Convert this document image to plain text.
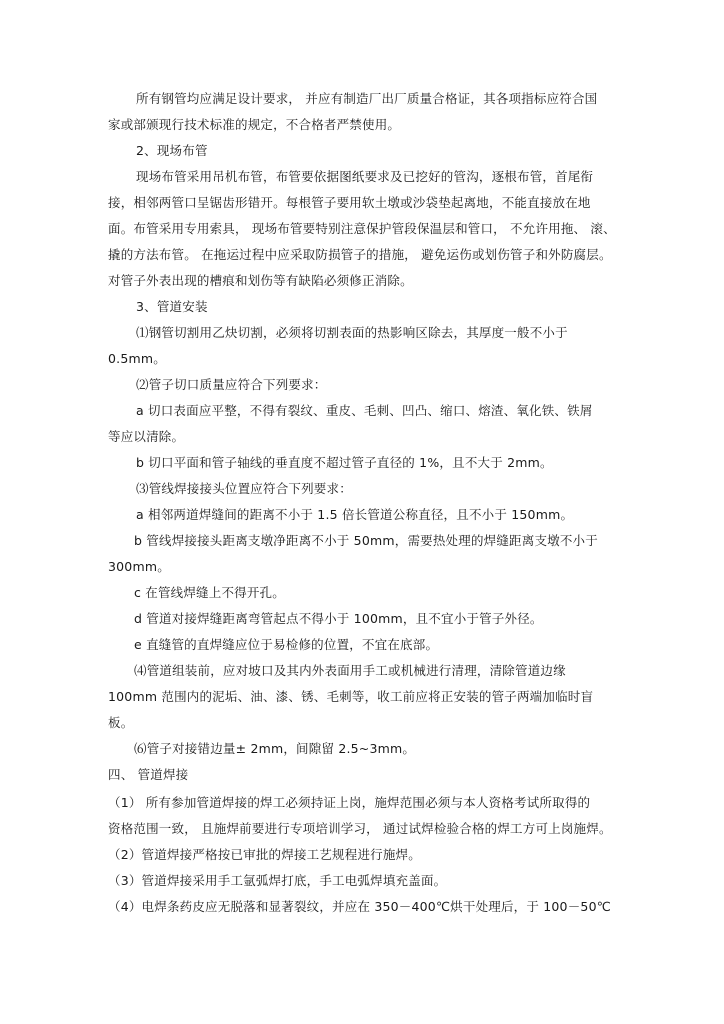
所有钢管均应满足设计要求， 并应有制造厂出厂质量合格证，其各项指标应符合国
家或部颁现行技术标准的规定，不合格者严禁使用。
2、现场布管
现场布管采用吊机布管，布管要依据图纸要求及已挖好的管沟，逐根布管，首尾衔
接，相邻两管口呈锯齿形错开。每根管子要用软土墩或沙袋垫起离地，不能直接放在地
面。布管采用专用索具， 现场布管要特别注意保护管段保温层和管口， 不允许用拖、 滚、
撬的方法布管。 在拖运过程中应采取防损管子的措施， 避免运伤或划伤管子和外防腐层。
对管子外表出现的槽痕和划伤等有缺陷必须修正消除。
3、管道安装
⑴钢管切割用乙炔切割，必须将切割表面的热影响区除去，其厚度一般不小于
0.5mm。
⑵管子切口质量应符合下列要求：
a 切口表面应平整，不得有裂纹、重皮、毛刺、凹凸、缩口、熔渣、氧化铁、铁屑
等应以清除。
b 切口平面和管子轴线的垂直度不超过管子直径的 1%，且不大于 2mm。
⑶管线焊接接头位置应符合下列要求：
a 相邻两道焊缝间的距离不小于 1.5 倍长管道公称直径，且不小于 150mm。
b 管线焊接接头距离支墩净距离不小于 50mm，需要热处理的焊缝距离支墩不小于
300mm。
c 在管线焊缝上不得开孔。
d 管道对接焊缝距离弯管起点不得小于 100mm，且不宜小于管子外径。
e 直缝管的直焊缝应位于易检修的位置，不宜在底部。
⑷管道组装前，应对坡口及其内外表面用手工或机械进行清理，清除管道边缘
100mm 范围内的泥垢、油、漆、锈、毛刺等，收工前应将正安装的管子两端加临时盲
板。
⑹管子对接错边量± 2mm，间隙留 2.5~3mm。
四、 管道焊接
（1） 所有参加管道焊接的焊工必须持证上岗，施焊范围必须与本人资格考试所取得的
资格范围一致， 且施焊前要进行专项培训学习， 通过试焊检验合格的焊工方可上岗施焊。
（2）管道焊接严格按已审批的焊接工艺规程进行施焊。
（3）管道焊接采用手工氩弧焊打底，手工电弧焊填充盖面。
（4）电焊条药皮应无脱落和显著裂纹，并应在 350－400℃烘干处理后，于 100－50℃
